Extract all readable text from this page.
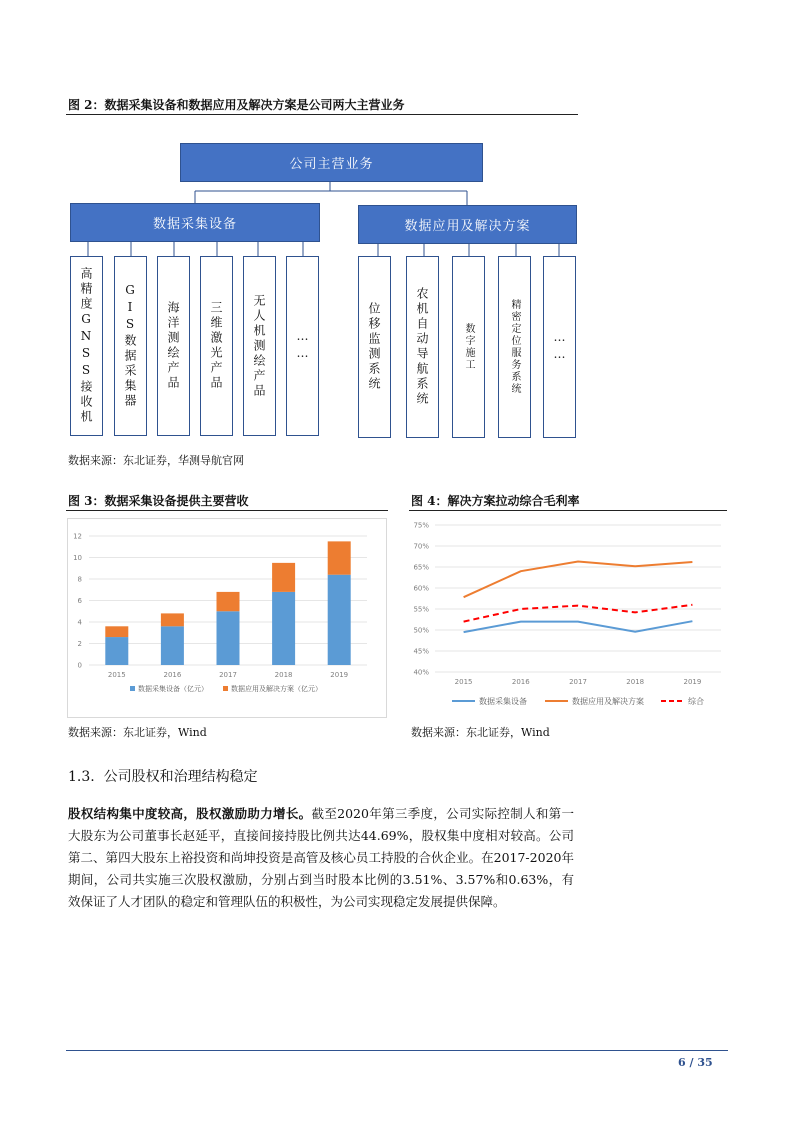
图 2：数据采集设备和数据应用及解决方案是公司两大主营业务
公司主营业务
数据采集设备	数据应用及解决方案
高精度GNSS接收机	GIS数据采集器 海洋测绘产品 三维激光产品 无人机测绘产品 ……	位移监测系统	农机自动导航系统	数字施工	精密定位服务系统	……
数据来源：东北证券，华测导航官网
图 3：数据采集设备提供主要营收
0
2
4
6
8
10
12
2015	2016	2017	2018	2019
数据采集设备（亿元）	数据应用及解决方案（亿元）
数据来源：东北证券，Wind
图 4：解决方案拉动综合毛利率
40%
45%
50%
55%
60%
65%
70%
75%
2015	2016	2017	2018	2019
数据采集设备	数据应用及解决方案	综合
数据来源：东北证券，Wind
1.3. 公司股权和治理结构稳定
股权结构集中度较高，股权激励助力增长。截至2020年第三季度，公司实际控制人和第一大股东为公司董事长赵延平，直接间接持股比例共达44.69%，股权集中度相对较高。公司第二、第四大股东上裕投资和尚坤投资是高管及核心员工持股的合伙企业。在2017-2020年期间，公司共实施三次股权激励，分别占到当时股本比例的3.51%、3.57%和0.63%，有效保证了人才团队的稳定和管理队伍的积极性，为公司实现稳定发展提供保障。
6 / 35
